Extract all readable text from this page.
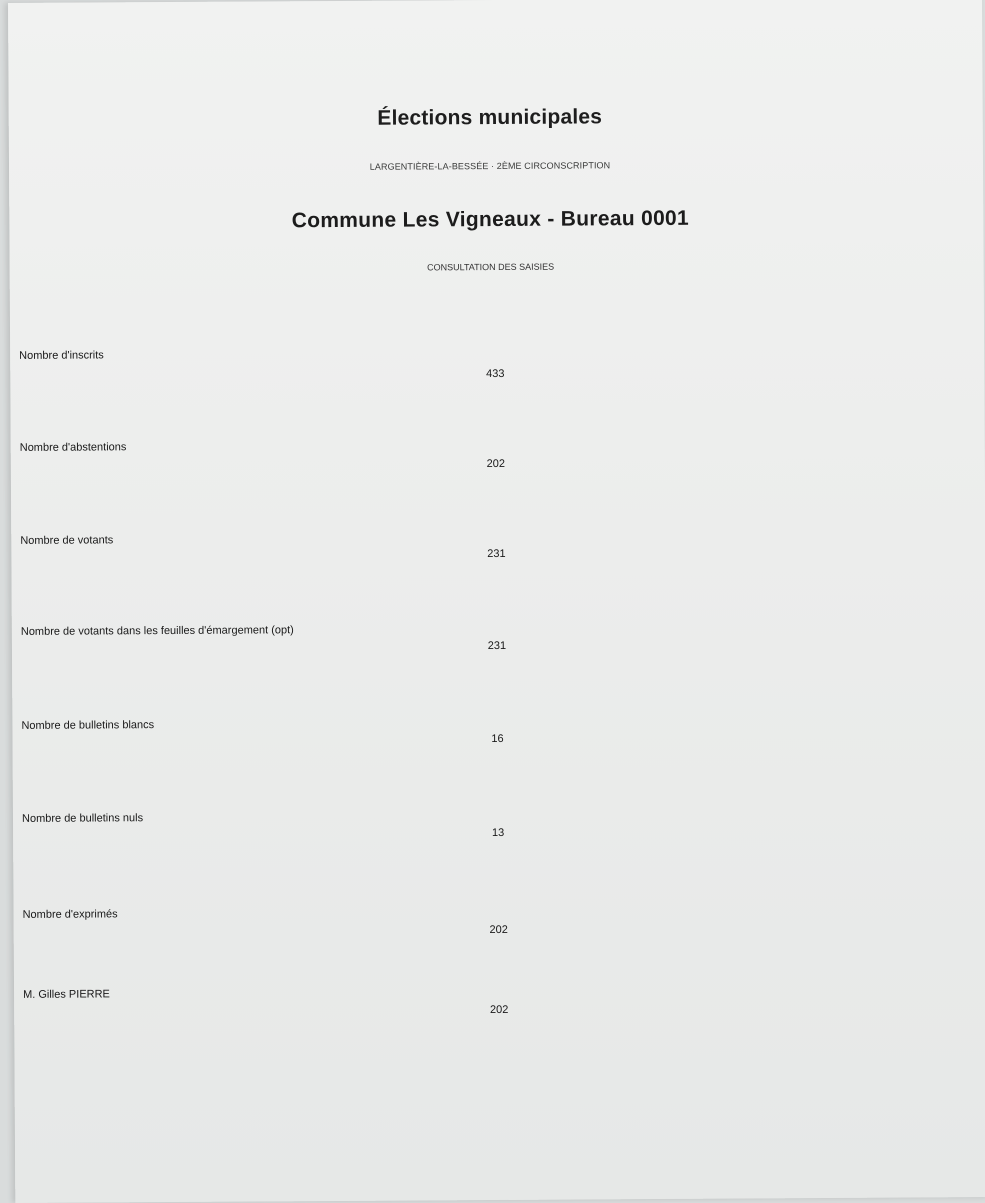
Élections municipales
LARGENTIÈRE-LA-BESSÉE · 2ÈME CIRCONSCRIPTION
Commune Les Vigneaux - Bureau 0001
CONSULTATION DES SAISIES
Nombre d'inscrits
433
Nombre d'abstentions
202
Nombre de votants
231
Nombre de votants dans les feuilles d'émargement (opt)
231
Nombre de bulletins blancs
16
Nombre de bulletins nuls
13
Nombre d'exprimés
202
M. Gilles PIERRE
202
